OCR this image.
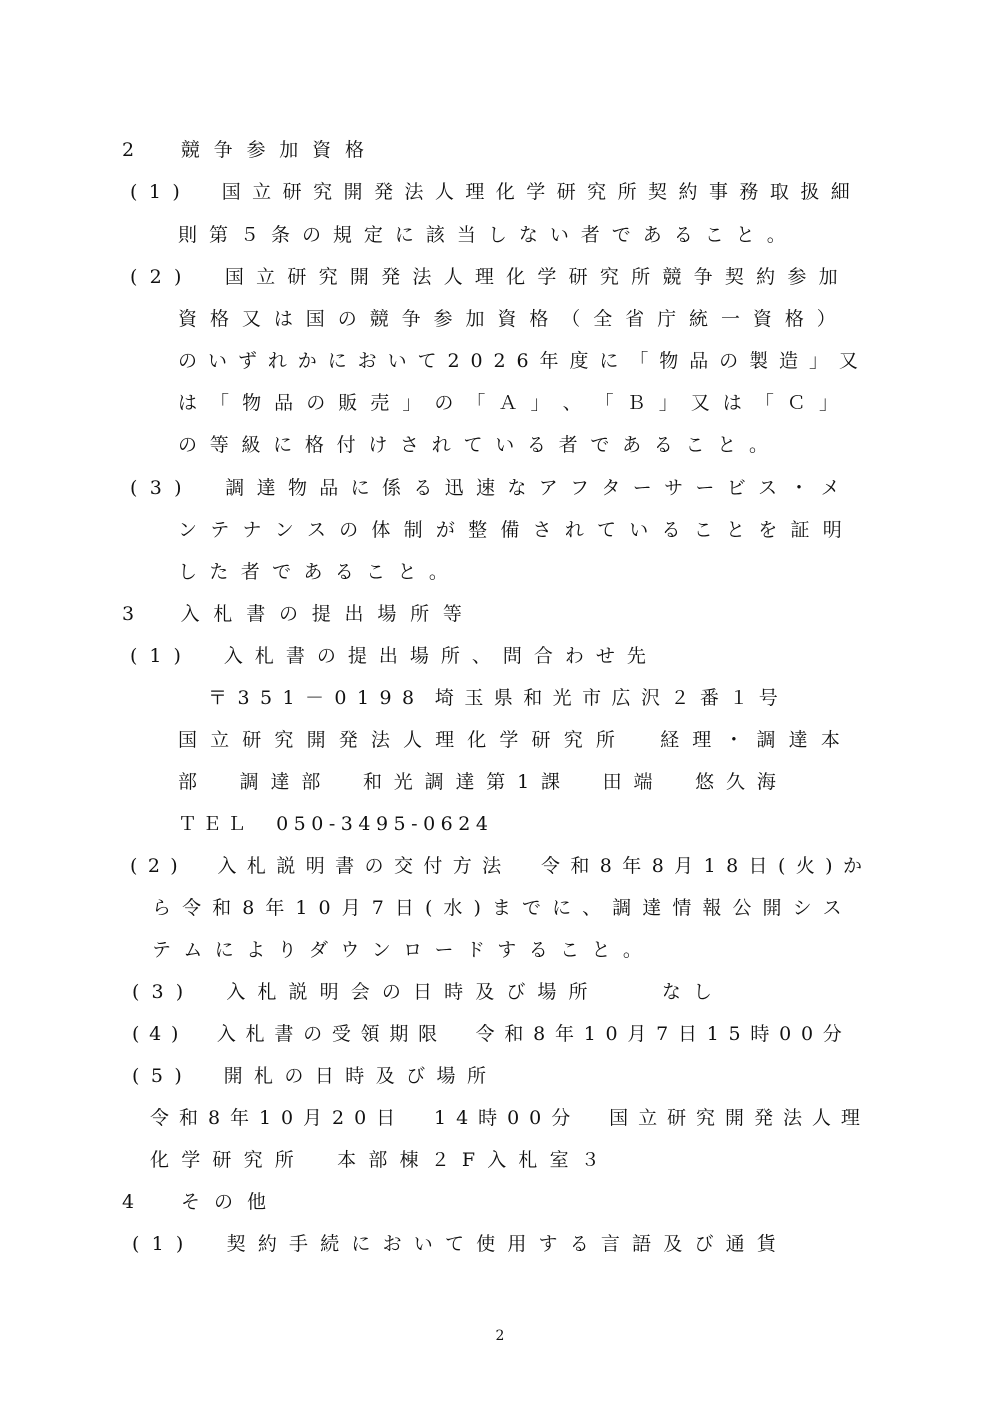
2
　 競 争 参 加 資 格

( 1 )
　 国 立 研 究 開 発 法 人 理 化 学 研 究 所 契 約 事 務 取 扱 細

則 第 ５ 条 の 規 定 に 該 当 し な い 者 で あ る こ と 。

( 2 )
　 国 立 研 究 開 発 法 人 理 化 学 研 究 所 競 争 契 約 参 加

資 格 又 は 国 の 競 争 参 加 資 格 （ 全 省 庁 統 一 資 格 ）

の い ず れ か に お い て 2 0 2 6 年 度 に 「 物 品 の 製 造 」 又

は 「 物 品 の 販 売 」 の 「 Ａ 」 、 「 Ｂ 」 又 は 「 Ｃ 」

の 等 級 に 格 付 け さ れ て い る 者 で あ る こ と 。

( 3 )
　 調 達 物 品 に 係 る 迅 速 な ア フ タ ー サ ー ビ ス ・ メ

ン テ ナ ン ス の 体 制 が 整 備 さ れ て い る こ と を 証 明

し た 者 で あ る こ と 。

3
　 入 札 書 の 提 出 場 所 等

( 1 )
　 入 札 書 の 提 出 場 所 、 問 合 わ せ 先

〒 3 5 1 － 0 1 9 8 埼 玉 県 和 光 市 広 沢 ２ 番 １ 号

国 立 研 究 開 発 法 人 理 化 学 研 究 所
　 経 理 ・ 調 達 本

部
　 調 達 部
　 和 光 調 達 第 1 課
　 田 端
　 悠 久 海

Ｔ Ｅ Ｌ
　 0 5 0 - 3 4 9 5 - 0 6 2 4

( 2 )
　 入 札 説 明 書 の 交 付 方 法
　 令 和 8 年 8 月 1 8 日 ( 火 ) か

ら 令 和 8 年 1 0 月 7 日 ( 水 ) ま で に 、 調 達 情 報 公 開 シ ス

テ ム に よ り ダ ウ ン ロ ー ド す る こ と 。

( 3 )
　 入 札 説 明 会 の 日 時 及 び 場 所

　	な し

( 4 )
　 入 札 書 の 受 領 期 限
　 令 和 8 年 1 0 月 7 日 1 5 時 0 0 分

( 5 )
　 開 札 の 日 時 及 び 場 所

令 和 8 年 1 0 月 2 0 日
　 1 4 時 0 0 分
　 国 立 研 究 開 発 法 人 理

化 学 研 究 所
　 本 部 棟 ２ F 入 札 室 ３

4
　 そ の 他

( 1 )
　 契 約 手 続 に お い て 使 用 す る 言 語 及 び 通 貨

2
